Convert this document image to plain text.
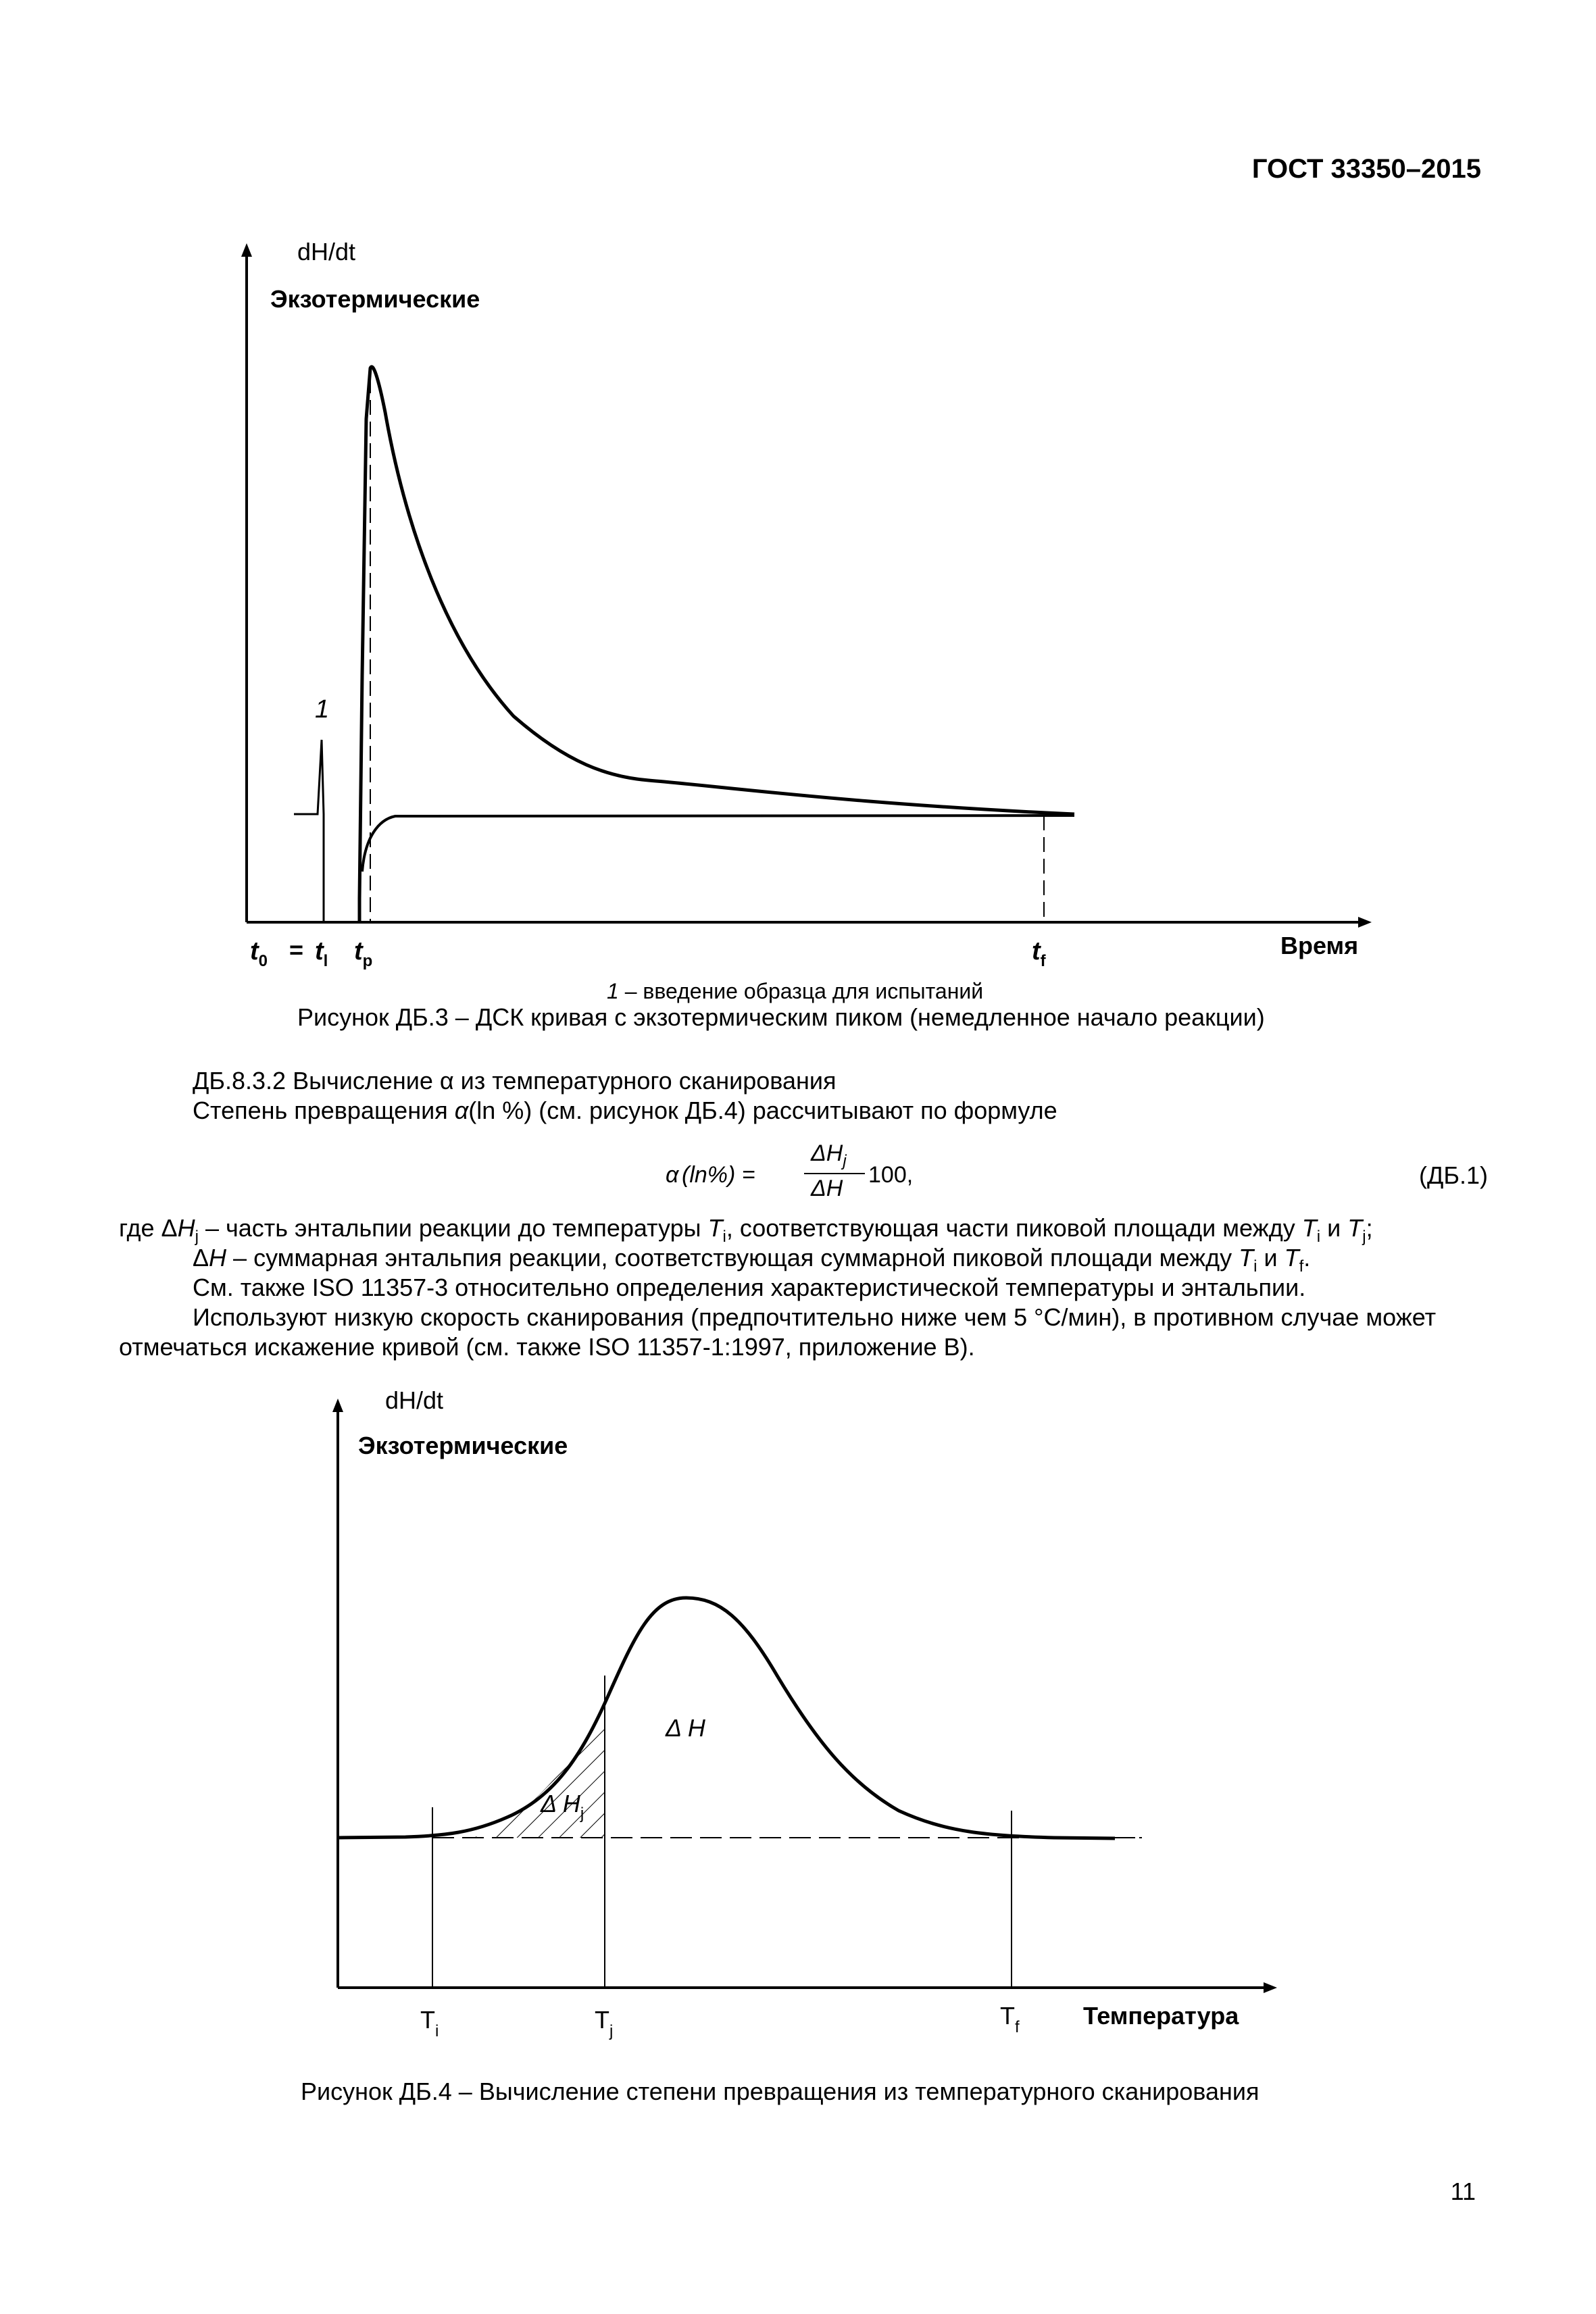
ГОСТ 33350–2015
dH/dt
Экзотермические
1
$t_0 = t_l$ $t_p$	$t_f$
Время
1 – введение образца для испытаний
Рисунок ДБ.3 – ДСК кривая с экзотермическим пиком (немедленное начало реакции)
ДБ.8.3.2 Вычисление α из температурного сканирования
Степень превращения α(ln %) (см. рисунок ДБ.4) рассчитывают по формуле
α (ln%) =
$\Delta H_j$
ΔH
100,	(ДБ.1)
где $\Delta H_j$ – часть энтальпии реакции до температуры $T_i$, соответствующая части пиковой площади между $T_i$ и $T_j$;
ΔH – суммарная энтальпия реакции, соответствующая суммарной пиковой площади между $T_i$ и $T_f$.
См. также ISO 11357-3 относительно определения характеристической температуры и энтальпии.
Используют низкую скорость сканирования (предпочтительно ниже чем 5 °С/мин), в противном случае может
отмечаться искажение кривой (см. также ISO 11357-1:1997, приложение В).
dH/dt
Экзотермические
Δ H
Δ $H_j$
$T_i$	$T_j$
$T_f$	Температура
Рисунок ДБ.4 – Вычисление степени превращения из температурного сканирования
11
